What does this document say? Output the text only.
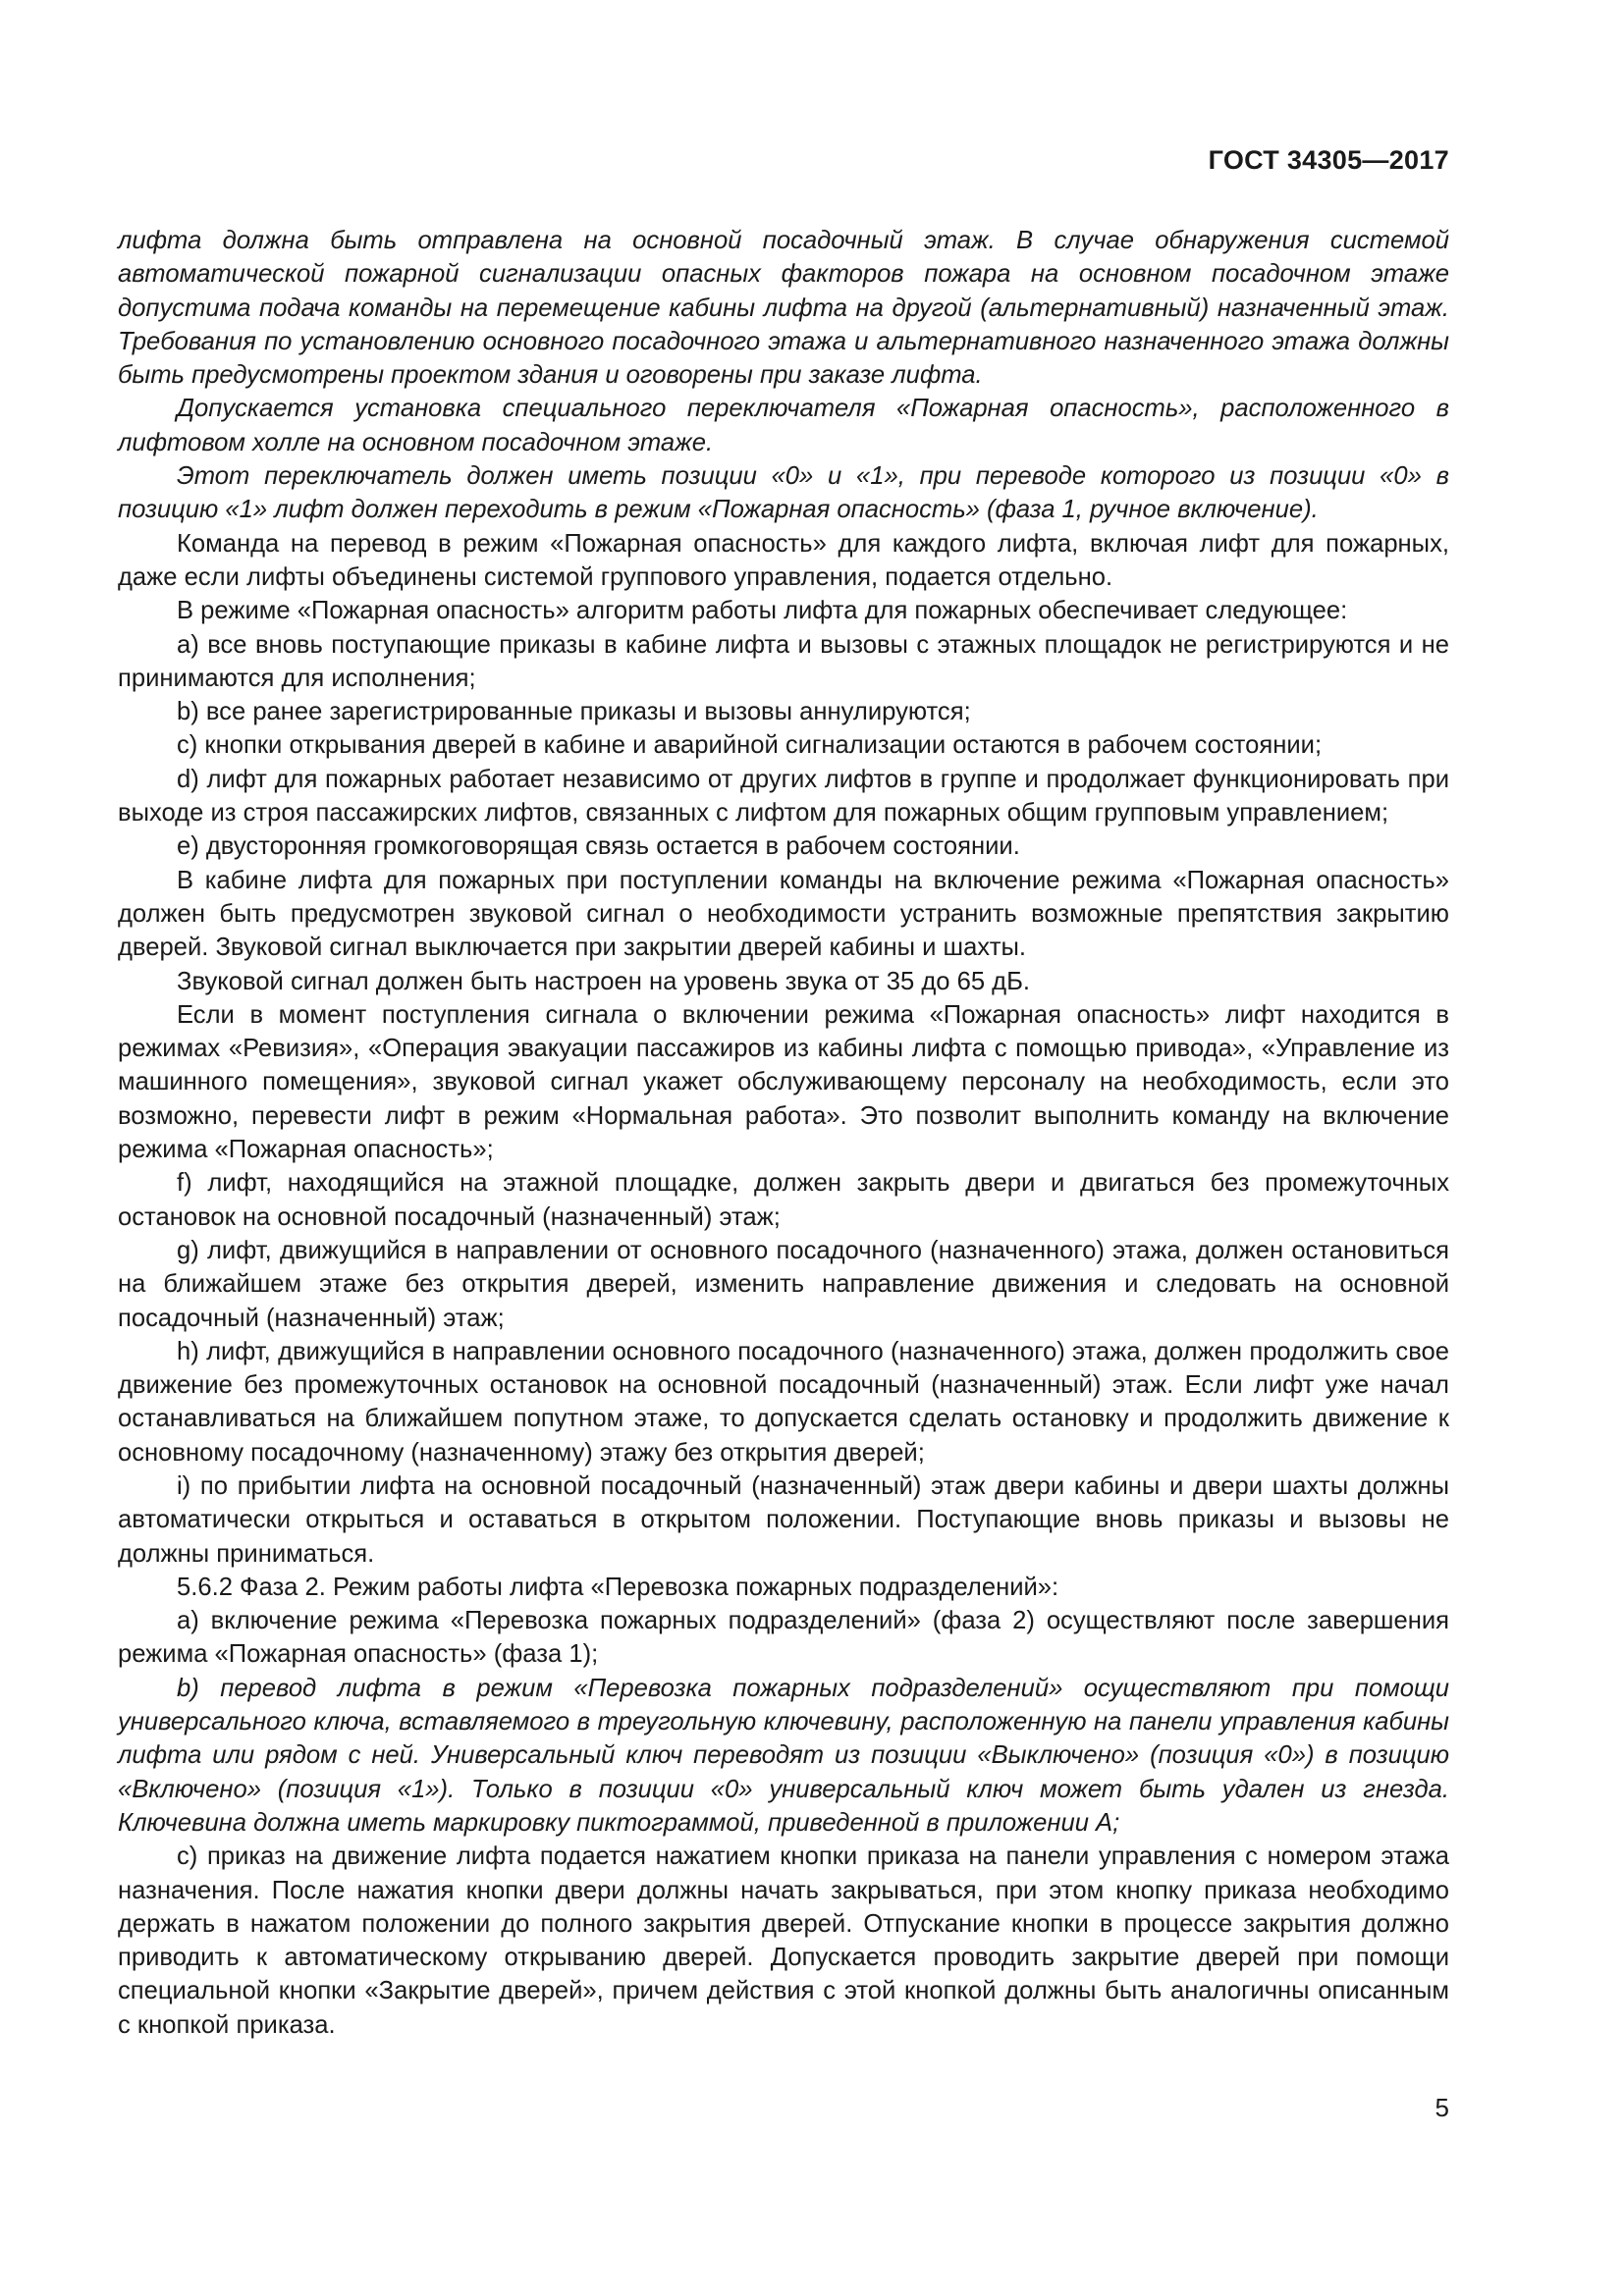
ГОСТ 34305—2017

лифта должна быть отправлена на основной посадочный этаж. В случае обнаружения системой автоматической пожарной сигнализации опасных факторов пожара на основном посадочном этаже допустима подача команды на перемещение кабины лифта на другой (альтернативный) назначенный этаж. Требования по установлению основного посадочного этажа и альтернативного назначенного этажа должны быть предусмотрены проектом здания и оговорены при заказе лифта.

Допускается установка специального переключателя «Пожарная опасность», расположенного в лифтовом холле на основном посадочном этаже.

Этот переключатель должен иметь позиции «0» и «1», при переводе которого из позиции «0» в позицию «1» лифт должен переходить в режим «Пожарная опасность» (фаза 1, ручное включение).

Команда на перевод в режим «Пожарная опасность» для каждого лифта, включая лифт для пожарных, даже если лифты объединены системой группового управления, подается отдельно.

В режиме «Пожарная опасность» алгоритм работы лифта для пожарных обеспечивает следующее:

a) все вновь поступающие приказы в кабине лифта и вызовы с этажных площадок не регистрируются и не принимаются для исполнения;

b) все ранее зарегистрированные приказы и вызовы аннулируются;

c) кнопки открывания дверей в кабине и аварийной сигнализации остаются в рабочем состоянии;

d) лифт для пожарных работает независимо от других лифтов в группе и продолжает функционировать при выходе из строя пассажирских лифтов, связанных с лифтом для пожарных общим групповым управлением;

e) двусторонняя громкоговорящая связь остается в рабочем состоянии.

В кабине лифта для пожарных при поступлении команды на включение режима «Пожарная опасность» должен быть предусмотрен звуковой сигнал о необходимости устранить возможные препятствия закрытию дверей. Звуковой сигнал выключается при закрытии дверей кабины и шахты.

Звуковой сигнал должен быть настроен на уровень звука от 35 до 65 дБ.

Если в момент поступления сигнала о включении режима «Пожарная опасность» лифт находится в режимах «Ревизия», «Операция эвакуации пассажиров из кабины лифта с помощью привода», «Управление из машинного помещения», звуковой сигнал укажет обслуживающему персоналу на необходимость, если это возможно, перевести лифт в режим «Нормальная работа». Это позволит выполнить команду на включение режима «Пожарная опасность»;

f) лифт, находящийся на этажной площадке, должен закрыть двери и двигаться без промежуточных остановок на основной посадочный (назначенный) этаж;

g) лифт, движущийся в направлении от основного посадочного (назначенного) этажа, должен остановиться на ближайшем этаже без открытия дверей, изменить направление движения и следовать на основной посадочный (назначенный) этаж;

h) лифт, движущийся в направлении основного посадочного (назначенного) этажа, должен продолжить свое движение без промежуточных остановок на основной посадочный (назначенный) этаж. Если лифт уже начал останавливаться на ближайшем попутном этаже, то допускается сделать остановку и продолжить движение к основному посадочному (назначенному) этажу без открытия дверей;

i) по прибытии лифта на основной посадочный (назначенный) этаж двери кабины и двери шахты должны автоматически открыться и оставаться в открытом положении. Поступающие вновь приказы и вызовы не должны приниматься.

5.6.2 Фаза 2. Режим работы лифта «Перевозка пожарных подразделений»:

a) включение режима «Перевозка пожарных подразделений» (фаза 2) осуществляют после завершения режима «Пожарная опасность» (фаза 1);

b) перевод лифта в режим «Перевозка пожарных подразделений» осуществляют при помощи универсального ключа, вставляемого в треугольную ключевину, расположенную на панели управления кабины лифта или рядом с ней. Универсальный ключ переводят из позиции «Выключено» (позиция «0») в позицию «Включено» (позиция «1»). Только в позиции «0» универсальный ключ может быть удален из гнезда. Ключевина должна иметь маркировку пиктограммой, приведенной в приложении А;

c) приказ на движение лифта подается нажатием кнопки приказа на панели управления с номером этажа назначения. После нажатия кнопки двери должны начать закрываться, при этом кнопку приказа необходимо держать в нажатом положении до полного закрытия дверей. Отпускание кнопки в процессе закрытия должно приводить к автоматическому открыванию дверей. Допускается проводить закрытие дверей при помощи специальной кнопки «Закрытие дверей», причем действия с этой кнопкой должны быть аналогичны описанным с кнопкой приказа.

5
